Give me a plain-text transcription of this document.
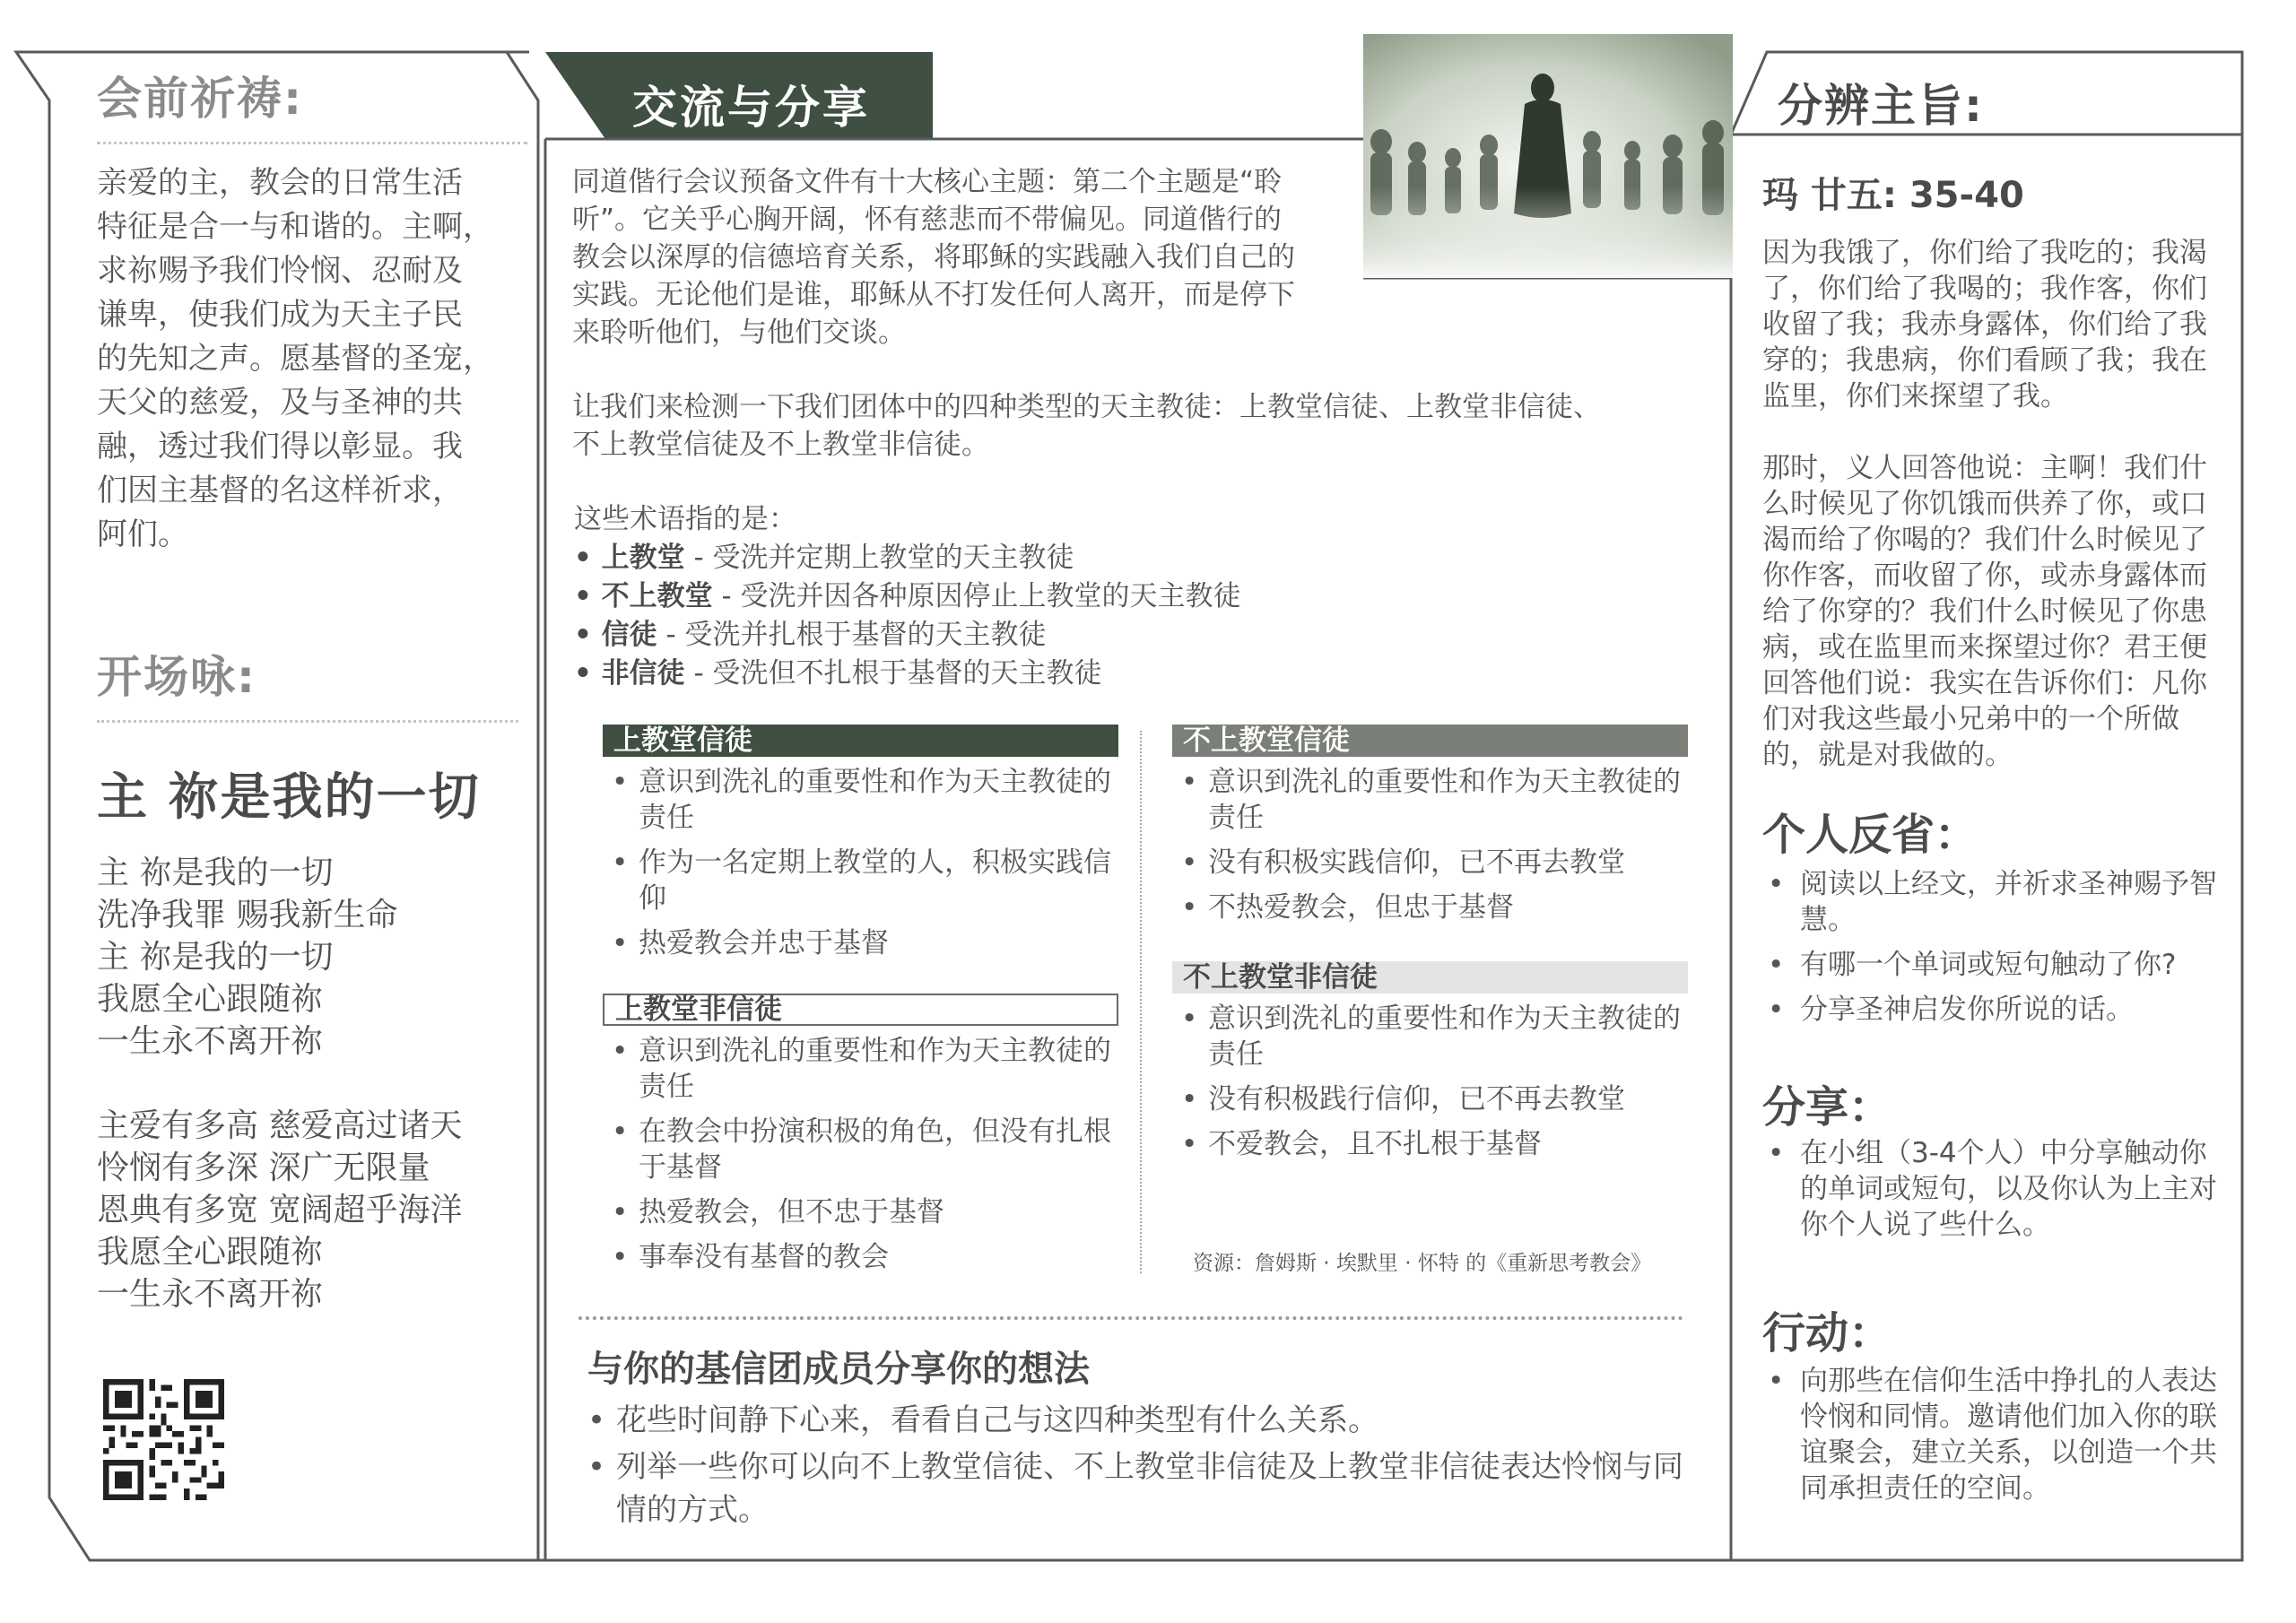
会前祈祷:
亲爱的主，教会的日常生活
特征是合一与和谐的。主啊，
求祢赐予我们怜悯、忍耐及
谦卑，使我们成为天主子民
的先知之声。愿基督的圣宠，
天父的慈爱，及与圣神的共
融，透过我们得以彰显。我
们因主基督的名这样祈求，
阿们。
开场咏:
主 祢是我的一切
主 祢是我的一切
洗净我罪 赐我新生命
主 祢是我的一切
我愿全心跟随祢
一生永不离开祢
主爱有多高 慈爱高过诸天
怜悯有多深 深广无限量
恩典有多宽 宽阔超乎海洋
我愿全心跟随祢
一生永不离开祢
交流与分享
同道偕行会议预备文件有十大核心主题：第二个主题是“聆
听”。它关乎心胸开阔，怀有慈悲而不带偏见。同道偕行的
教会以深厚的信德培育关系，将耶稣的实践融入我们自己的
实践。无论他们是谁，耶稣从不打发任何人离开，而是停下
来聆听他们，与他们交谈。
让我们来检测一下我们团体中的四种类型的天主教徒：上教堂信徒、上教堂非信徒、
不上教堂信徒及不上教堂非信徒。
这些术语指的是：
• 上教堂 - 受洗并定期上教堂的天主教徒
• 不上教堂 - 受洗并因各种原因停止上教堂的天主教徒
• 信徒 - 受洗并扎根于基督的天主教徒
• 非信徒 - 受洗但不扎根于基督的天主教徒
上教堂信徒
• 意识到洗礼的重要性和作为天主教徒的责任
• 作为一名定期上教堂的人，积极实践信仰
• 热爱教会并忠于基督
上教堂非信徒
• 意识到洗礼的重要性和作为天主教徒的责任
• 在教会中扮演积极的角色，但没有扎根于基督
• 热爱教会，但不忠于基督
• 事奉没有基督的教会
不上教堂信徒
• 意识到洗礼的重要性和作为天主教徒的责任
• 没有积极实践信仰，已不再去教堂
• 不热爱教会，但忠于基督
不上教堂非信徒
• 意识到洗礼的重要性和作为天主教徒的责任
• 没有积极践行信仰，已不再去教堂
• 不爱教会，且不扎根于基督
资源：詹姆斯 · 埃默里 · 怀特 的《重新思考教会》
与你的基信团成员分享你的想法
• 花些时间静下心来，看看自己与这四种类型有什么关系。
• 列举一些你可以向不上教堂信徒、不上教堂非信徒及上教堂非信徒表达怜悯与同情的方式。
分辨主旨:
玛 廿五: 35-40

因为我饿了，你们给了我吃的；我渴了，你们给了我喝的；我作客，你们收留了我；我赤身露体，你们给了我穿的；我患病，你们看顾了我；我在监里，你们来探望了我。

那时，义人回答他说：主啊！我们什么时候见了你饥饿而供养了你，或口渴而给了你喝的？我们什么时候见了你作客，而收留了你，或赤身露体而给了你穿的？我们什么时候见了你患病，或在监里而来探望过你？君王便回答他们说：我实在告诉你们：凡你们对我这些最小兄弟中的一个所做的，就是对我做的。

个人反省：
• 阅读以上经文，并祈求圣神赐予智慧。
• 有哪一个单词或短句触动了你?
• 分享圣神启发你所说的话。
分享：
• 在小组（3-4个人）中分享触动你的单词或短句，以及你认为上主对你个人说了些什么。
行动：
• 向那些在信仰生活中挣扎的人表达怜悯和同情。邀请他们加入你的联谊聚会，建立关系，以创造一个共同承担责任的空间。
